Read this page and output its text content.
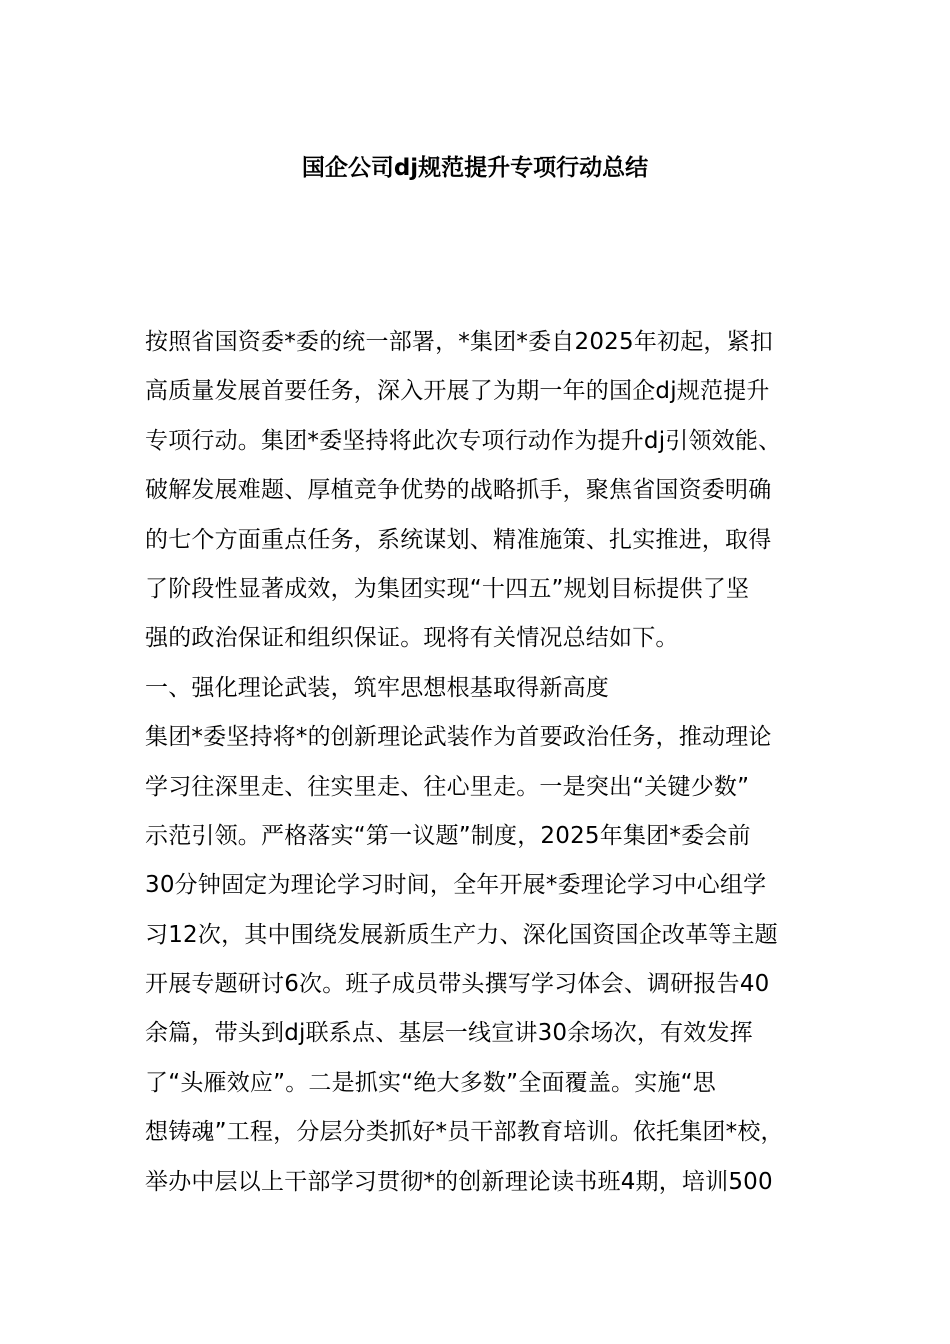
国企公司dj规范提升专项行动总结
按照省国资委*委的统一部署，*集团*委自2025年初起，紧扣
高质量发展首要任务，深入开展了为期一年的国企dj规范提升
专项行动。集团*委坚持将此次专项行动作为提升dj引领效能、
破解发展难题、厚植竞争优势的战略抓手，聚焦省国资委明确
的七个方面重点任务，系统谋划、精准施策、扎实推进，取得
了阶段性显著成效，为集团实现“十四五”规划目标提供了坚
强的政治保证和组织保证。现将有关情况总结如下。
一、强化理论武装，筑牢思想根基取得新高度
集团*委坚持将*的创新理论武装作为首要政治任务，推动理论
学习往深里走、往实里走、往心里走。一是突出“关键少数”
示范引领。严格落实“第一议题”制度，2025年集团*委会前
30分钟固定为理论学习时间，全年开展*委理论学习中心组学
习12次，其中围绕发展新质生产力、深化国资国企改革等主题
开展专题研讨6次。班子成员带头撰写学习体会、调研报告40
余篇，带头到dj联系点、基层一线宣讲30余场次，有效发挥
了“头雁效应”。二是抓实“绝大多数”全面覆盖。实施“思
想铸魂”工程，分层分类抓好*员干部教育培训。依托集团*校，
举办中层以上干部学习贯彻*的创新理论读书班4期，培训500
